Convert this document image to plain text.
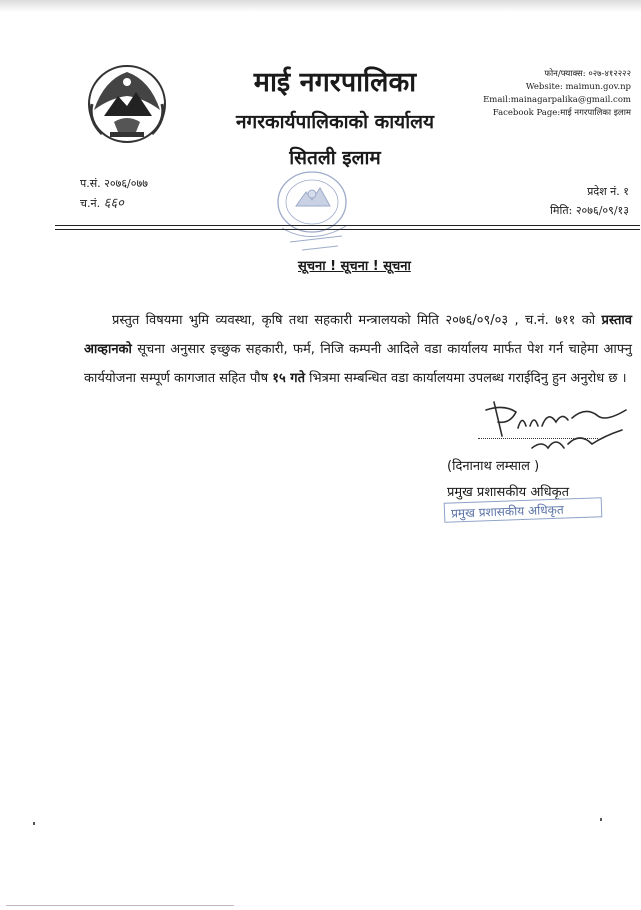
माई नगरपालिका
नगरकार्यपालिकाको कार्यालय
सितली इलाम
फोन/फ्याक्स: ०२७-४१२२२२
Website: maimun.gov.np
Email:mainagarpalika@gmail.com
Facebook Page:माई नगरपालिका इलाम
प.सं. २०७६/०७७
च.नं. ६६०
प्रदेश नं. १
मिति: २०७६/०९/१३
सूचना ! सूचना ! सूचना

प्रस्तुत विषयमा भुमि व्यवस्था, कृषि तथा सहकारी मन्त्रालयको मिति २०७६/०९/०३ , च.नं. ७११ को प्रस्ताव आव्हानको सूचना अनुसार इच्छुक सहकारी, फर्म, निजि कम्पनी आदिले वडा कार्यालय मार्फत पेश गर्न चाहेमा आफ्नु कार्ययोजना सम्पूर्ण कागजात सहित पौष १५ गते भित्रमा सम्बन्धित वडा कार्यालयमा उपलब्ध गराईदिनु हुन अनुरोध छ ।

(दिनानाथ लम्साल )
प्रमुख प्रशासकीय अधिकृत
प्रमुख प्रशासकीय अधिकृत
